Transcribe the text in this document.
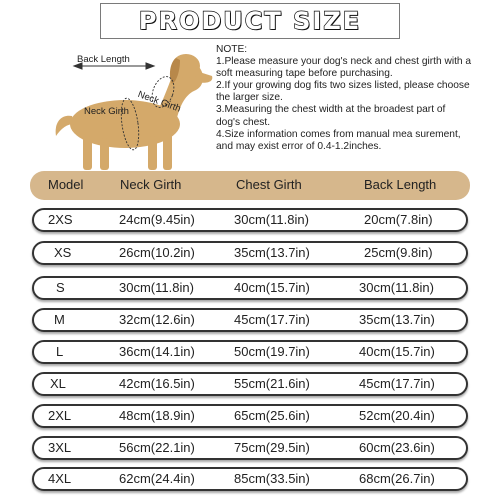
PRODUCT SIZE
Back Length
Neck Girth Neck Girth
NOTE:
1.Please measure your dog's neck and chest girth with a
soft measuring tape before purchasing.
2.If your growing dog fits two sizes listed, please choose
the larger size.
3.Measuring the chest width at the broadest part of
dog's chest.
4.Size information comes from manual mea surement,
and may exist error of 0.4-1.2inches.
Model	Neck Girth	Chest Girth	Back Length
2XS	24cm(9.45in)	30cm(11.8in)	20cm(7.8in)
XS	26cm(10.2in)	35cm(13.7in)	25cm(9.8in)
S	30cm(11.8in)	40cm(15.7in)	30cm(11.8in)
M	32cm(12.6in)	45cm(17.7in)	35cm(13.7in)
L	36cm(14.1in)	50cm(19.7in)	40cm(15.7in)
XL	42cm(16.5in)	55cm(21.6in)	45cm(17.7in)
2XL	48cm(18.9in)	65cm(25.6in)	52cm(20.4in)
3XL	56cm(22.1in)	75cm(29.5in)	60cm(23.6in)
4XL	62cm(24.4in)	85cm(33.5in)	68cm(26.7in)
